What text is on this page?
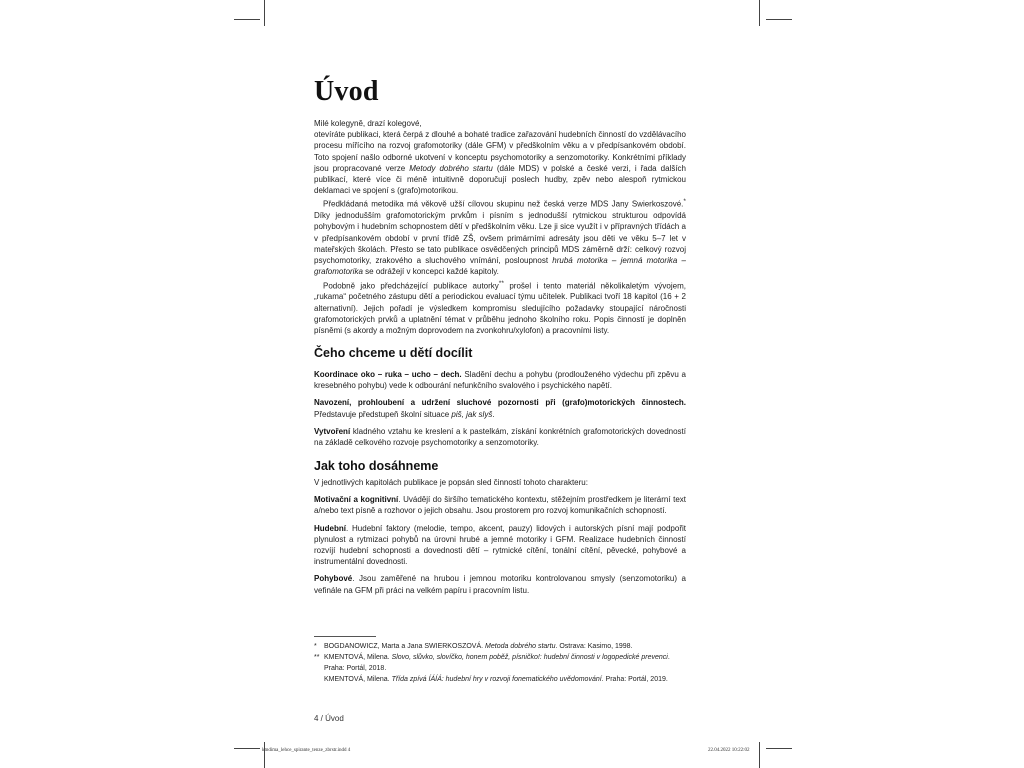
Úvod

Milé kolegyně, drazí kolegové,

otevíráte publikaci, která čerpá z dlouhé a bohaté tradice zařazování hudebních činností do vzdělávacího procesu mířícího na rozvoj grafomotoriky (dále GFM) v předškolním věku a v předpísankovém období. Toto spojení našlo odborné ukotvení v konceptu psychomotoriky a senzomotoriky. Konkrétními příklady jsou propracované verze Metody dobrého startu (dále MDS) v polské a české verzi, i řada dalších publikací, které více či méně intuitivně doporučují poslech hudby, zpěv nebo alespoň rytmickou deklamaci ve spojení s (grafo)motorikou.

Předkládaná metodika má věkově užší cílovou skupinu než česká verze MDS Jany Swierkoszové.* Díky jednodušším grafomotorickým prvkům i písním s jednodušší rytmickou strukturou odpovídá pohybovým i hudebním schopnostem dětí v předškolním věku. Lze ji sice využít i v přípravných třídách a v předpísankovém období v první třídě ZŠ, ovšem primárními adresáty jsou děti ve věku 5–7 let v mateřských školách. Přesto se tato publikace osvědčených principů MDS záměrně drží: celkový rozvoj psychomotoriky, zrakového a sluchového vnímání, posloupnost hrubá motorika – jemná motorika – grafomotorika se odrážejí v koncepci každé kapitoly.

Podobně jako předcházející publikace autorky** prošel i tento materiál několikaletým vývojem, „rukama“ početného zástupu dětí a periodickou evaluací týmu učitelek. Publikaci tvoří 18 kapitol (16 + 2 alternativní). Jejich pořadí je výsledkem kompromisu sledujícího požadavky stoupající náročnosti grafomotorických prvků a uplatnění témat v průběhu jednoho školního roku. Popis činností je doplněn písněmi (s akordy a možným doprovodem na zvonkohru/xylofon) a pracovními listy.

Čeho chceme u dětí docílit

Koordinace oko – ruka – ucho – dech. Sladění dechu a pohybu (prodlouženého výdechu při zpěvu a kresebného pohybu) vede k odbourání nefunkčního svalového i psychického napětí.

Navození, prohloubení a udržení sluchové pozornosti při (grafo)motorických činnostech. Představuje předstupeň školní situace piš, jak slyš.

Vytvoření kladného vztahu ke kreslení a k pastelkám, získání konkrétních grafomotorických dovedností na základě celkového rozvoje psychomotoriky a senzomotoriky.

Jak toho dosáhneme

V jednotlivých kapitolách publikace je popsán sled činností tohoto charakteru:

Motivační a kognitivní. Uvádějí do širšího tematického kontextu, stěžejním prostředkem je literární text a/nebo text písně a rozhovor o jejich obsahu. Jsou prostorem pro rozvoj komunikačních schopností.

Hudební. Hudební faktory (melodie, tempo, akcent, pauzy) lidových i autorských písní mají podpořit plynulost a rytmizaci pohybů na úrovni hrubé a jemné motoriky i GFM. Realizace hudebních činností rozvíjí hudební schopnosti a dovednosti dětí – rytmické cítění, tonální cítění, pěvecké, pohybové a instrumentální dovednosti.

Pohybové. Jsou zaměřené na hrubou i jemnou motoriku kontrolovanou smysly (senzomotoriku) a vefinále na GFM při práci na velkém papíru i pracovním listu.

* BOGDANOWICZ, Marta a Jana SWIERKOSZOVÁ. Metoda dobrého startu. Ostrava: Kasimo, 1998.

** KMENTOVÁ, Milena. Slovo, slůvko, slovíčko, honem poběž, písničko!: hudební činnosti v logopedické prevenci. Praha: Portál, 2018.

KMENTOVÁ, Milena. Třída zpívá ÍÁÍÁ: hudební hry v rozvoji fonematického uvědomování. Praha: Portál, 2019.

4 / Úvod
kmdima_lehce_spirante_tenze_zbrstr.indd 4	22.04.2022 10:22:02
